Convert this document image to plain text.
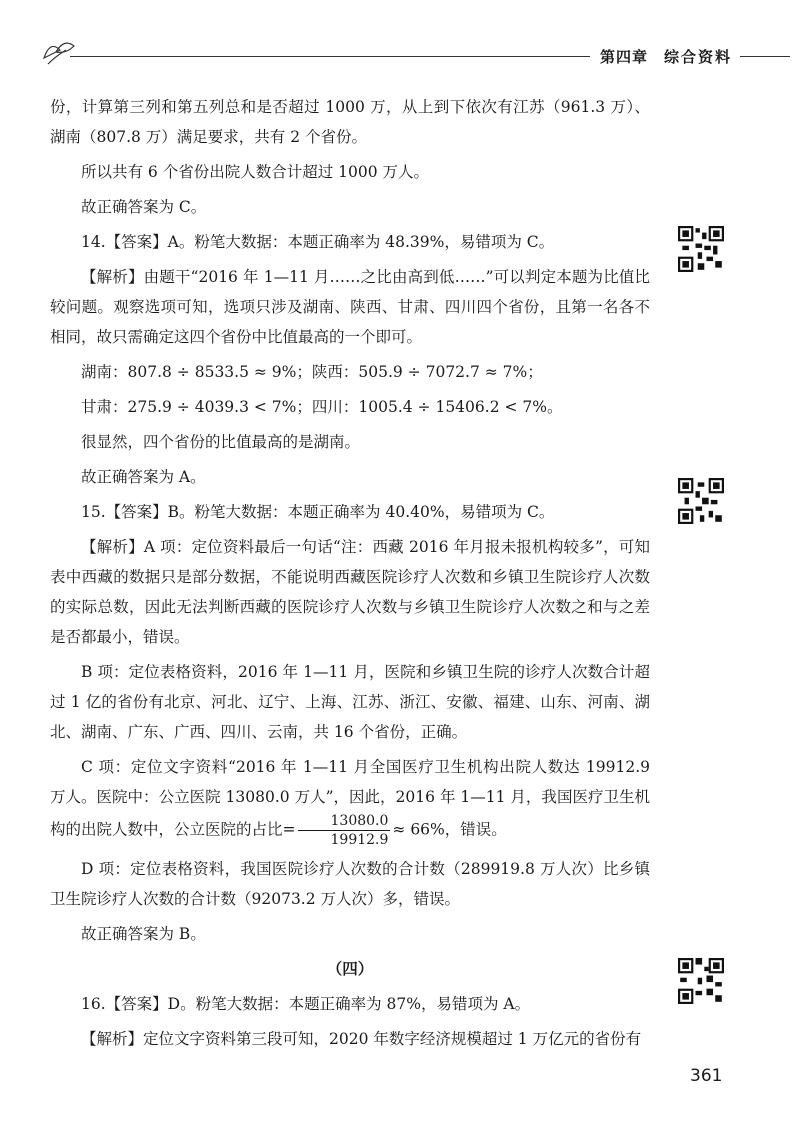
第四章 综合资料

份，计算第三列和第五列总和是否超过 1000 万，从上到下依次有江苏（961.3 万）、湖南（807.8 万）满足要求，共有 2 个省份。

所以共有 6 个省份出院人数合计超过 1000 万人。

故正确答案为 C。

14.【答案】A。粉笔大数据：本题正确率为 48.39%，易错项为 C。

【解析】由题干“2016 年 1—11 月……之比由高到低……”可以判定本题为比值比较问题。观察选项可知，选项只涉及湖南、陕西、甘肃、四川四个省份，且第一名各不相同，故只需确定这四个省份中比值最高的一个即可。

湖南：807.8 ÷ 8533.5 ≈ 9%；陕西：505.9 ÷ 7072.7 ≈ 7%；

甘肃：275.9 ÷ 4039.3 < 7%；四川：1005.4 ÷ 15406.2 < 7%。

很显然，四个省份的比值最高的是湖南。

故正确答案为 A。

15.【答案】B。粉笔大数据：本题正确率为 40.40%，易错项为 C。

【解析】A 项：定位资料最后一句话“注：西藏 2016 年月报未报机构较多”，可知表中西藏的数据只是部分数据，不能说明西藏医院诊疗人次数和乡镇卫生院诊疗人次数的实际总数，因此无法判断西藏的医院诊疗人次数与乡镇卫生院诊疗人次数之和与之差是否都最小，错误。

B 项：定位表格资料，2016 年 1—11 月，医院和乡镇卫生院的诊疗人次数合计超过 1 亿的省份有北京、河北、辽宁、上海、江苏、浙江、安徽、福建、山东、河南、湖北、湖南、广东、广西、四川、云南，共 16 个省份，正确。

C 项：定位文字资料“2016 年 1—11 月全国医疗卫生机构出院人数达 19912.9 万人。医院中：公立医院 13080.0 万人”，因此，2016 年 1—11 月，我国医疗卫生机构的出院人数中，公立医院的占比= $\frac{13080.0}{19912.9} \approx 66\%$，错误。

D 项：定位表格资料，我国医院诊疗人次数的合计数（289919.8 万人次）比乡镇卫生院诊疗人次数的合计数（92073.2 万人次）多，错误。

故正确答案为 B。

（四）

16.【答案】D。粉笔大数据：本题正确率为 87%，易错项为 A。

【解析】定位文字资料第三段可知，2020 年数字经济规模超过 1 万亿元的省份有

361
